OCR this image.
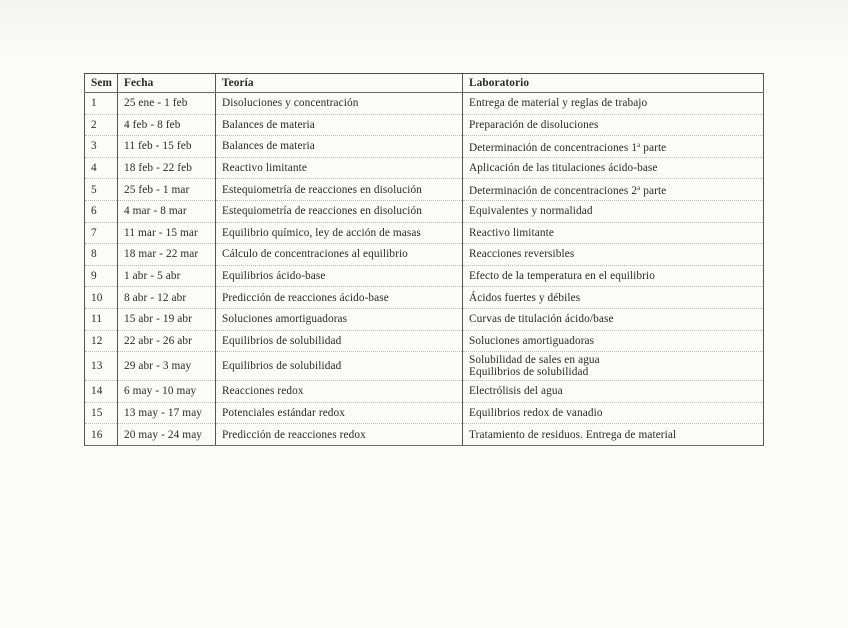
Sem	Fecha	Teoría	Laboratorio
1	25 ene - 1 feb	Disoluciones y concentración	Entrega de material y reglas de trabajo

2	4 feb - 8 feb	Balances de materia	Preparación de disoluciones

3	11 feb - 15 feb	Balances de materia	Determinación de concentraciones 1$^a$ parte

4	18 feb - 22 feb	Reactivo limitante	Aplicación de las titulaciones ácido-base

5	25 feb - 1 mar	Estequiometría de reacciones en disolución	Determinación de concentraciones 2$^a$ parte

6	4 mar - 8 mar	Estequiometría de reacciones en disolución	Equivalentes y normalidad

7	11 mar - 15 mar	Equilibrio químico, ley de acción de masas	Reactivo limitante

8	18 mar - 22 mar	Cálculo de concentraciones al equilibrio	Reacciones reversibles

9	1 abr - 5 abr	Equilibrios ácido-base	Efecto de la temperatura en el equilibrio

10	8 abr - 12 abr	Predicción de reacciones ácido-base	Ácidos fuertes y débiles

11	15 abr - 19 abr	Soluciones amortiguadoras	Curvas de titulación ácido/base

12	22 abr - 26 abr	Equilibrios de solubilidad	Soluciones amortiguadoras

13	29 abr - 3 may	Equilibrios de solubilidad	Solubilidad de sales en agua
Equilibrios de solubilidad

14	6 may - 10 may	Reacciones redox	Electrólisis del agua

15	13 may - 17 may	Potenciales estándar redox	Equilibrios redox de vanadio

16	20 may - 24 may	Predicción de reacciones redox	Tratamiento de residuos. Entrega de material
